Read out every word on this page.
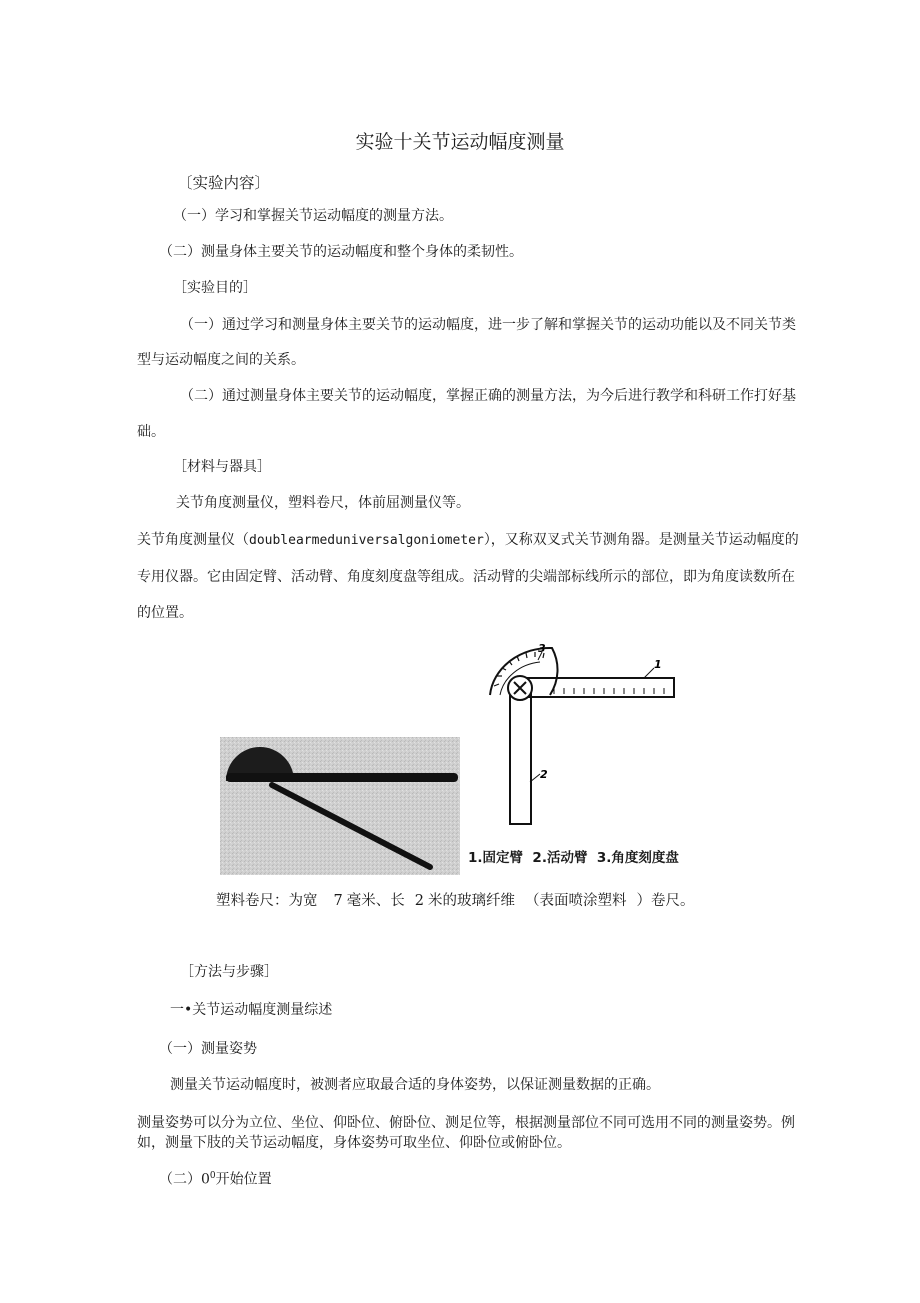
实验十关节运动幅度测量
〔实验内容〕
（一）学习和掌握关节运动幅度的测量方法。
（二）测量身体主要关节的运动幅度和整个身体的柔韧性。
［实验目的］
（一）通过学习和测量身体主要关节的运动幅度，进一步了解和掌握关节的运动功能以及不同关节类
型与运动幅度之间的关系。
（二）通过测量身体主要关节的运动幅度，掌握正确的测量方法，为今后进行教学和科研工作打好基
础。
［材料与器具］
关节角度测量仪，塑料卷尺，体前屈测量仪等。
关节角度测量仪（doublearmeduniversalgoniometer），又称双叉式关节测角器。是测量关节运动幅度的
专用仪器。它由固定臂、活动臂、角度刻度盘等组成。活动臂的尖端部标线所示的部位，即为角度读数所在
的位置。
3
1
2
1.固定臂  2.活动臂  3.角度刻度盘
塑料卷尺：为宽 7 毫米、长 2 米的玻璃纤维 （表面喷涂塑料 ）卷尺。
［方法与步骤］
一•关节运动幅度测量综述
（一）测量姿势
测量关节运动幅度时，被测者应取最合适的身体姿势，以保证测量数据的正确。
测量姿势可以分为立位、坐位、仰卧位、俯卧位、测足位等，根据测量部位不同可选用不同的测量姿势。例
如，测量下肢的关节运动幅度，身体姿势可取坐位、仰卧位或俯卧位。
（二）$0^0$开始位置
